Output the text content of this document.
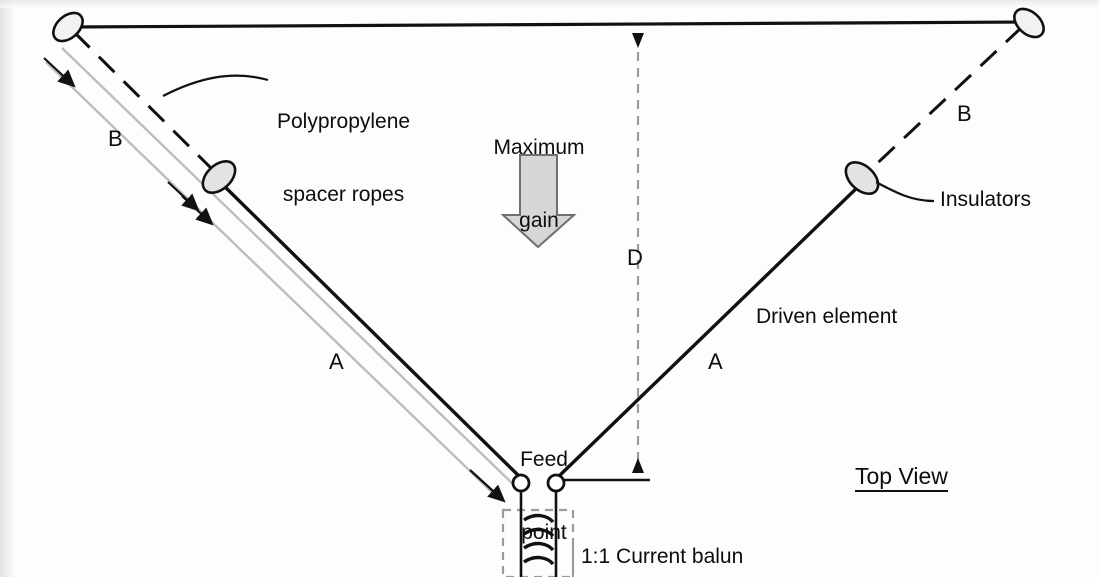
Polypropylene

spacer ropes

Maximum

gain

B
B
A	A
D
Insulators
Driven element

Feed

point

1:1 Current balun
Top View
